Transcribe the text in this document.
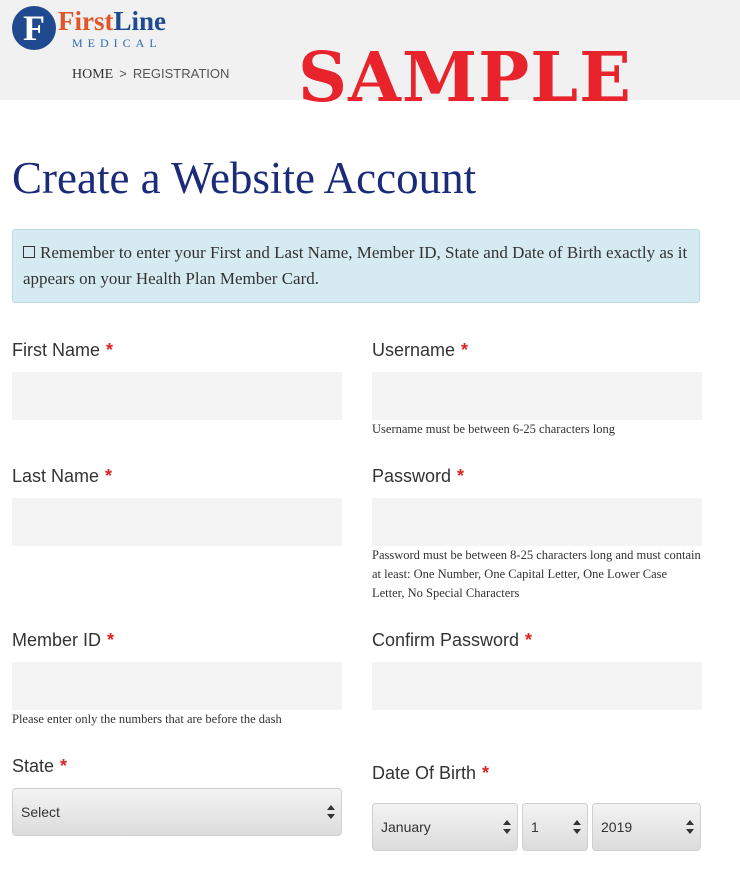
F FirstLine
MEDICAL
HOME > REGISTRATION SAMPLE
Create a Website Account
Remember to enter your First and Last Name, Member ID, State and Date of Birth exactly as it appears on your Health Plan Member Card.
First Name *
Last Name *
Member ID *
Please enter only the numbers that are before the dash
State *
Select
Username *
Username must be between 6-25 characters long
Password *
Password must be between 8-25 characters long and must contain at least: One Number, One Capital Letter, One Lower Case Letter, No Special Characters
Confirm Password *
Date Of Birth *
January	1	2019
